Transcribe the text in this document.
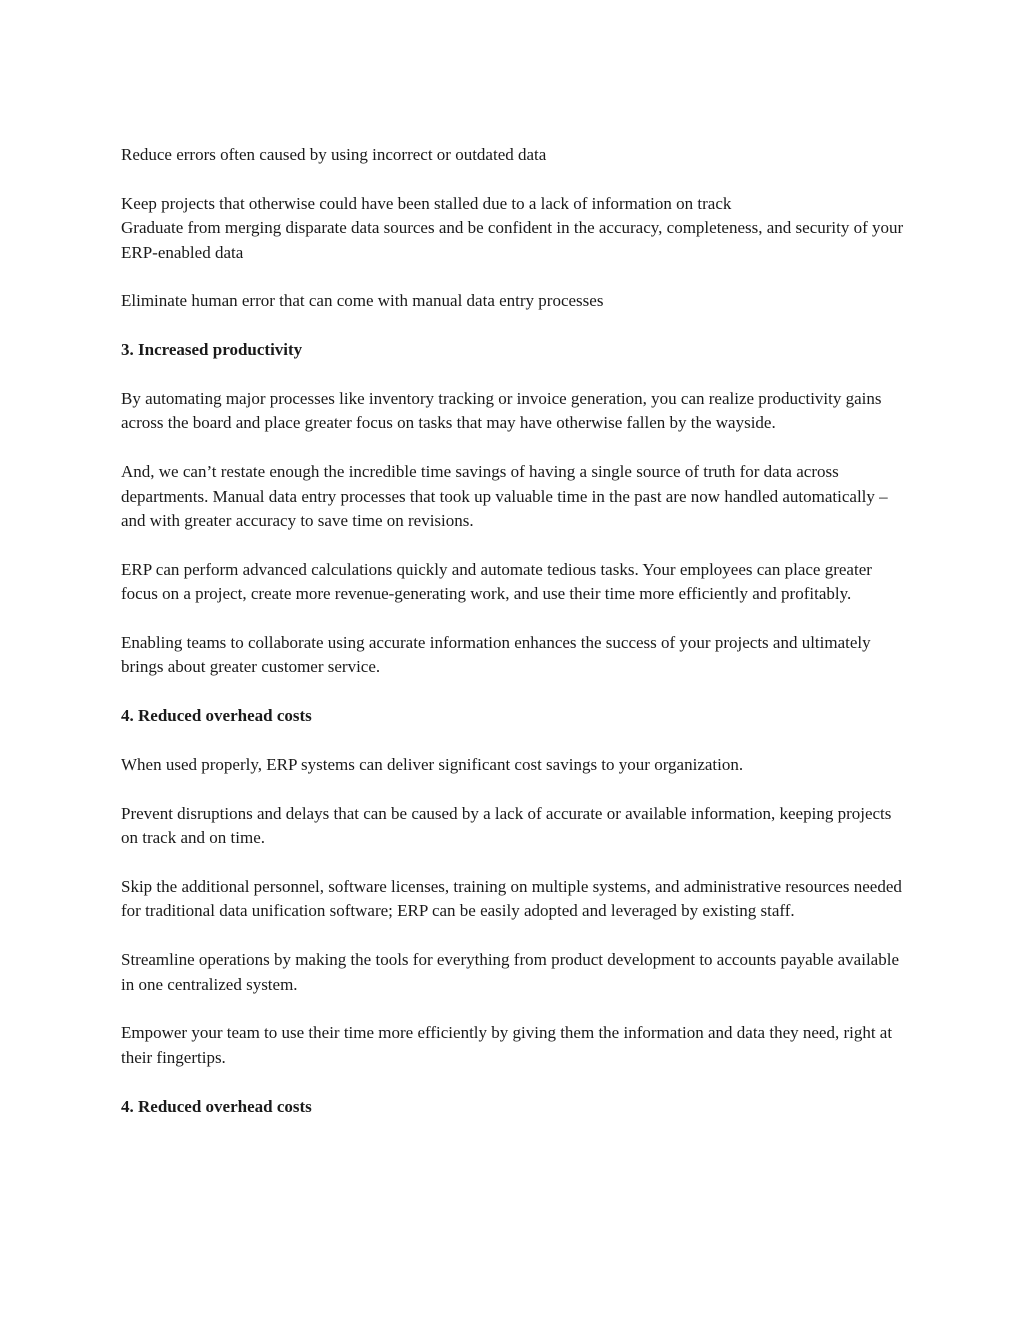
Reduce errors often caused by using incorrect or outdated data

Keep projects that otherwise could have been stalled due to a lack of information on track

Graduate from merging disparate data sources and be confident in the accuracy, completeness, and security of your ERP-enabled data

Eliminate human error that can come with manual data entry processes

3. Increased productivity

By automating major processes like inventory tracking or invoice generation, you can realize productivity gains across the board and place greater focus on tasks that may have otherwise fallen by the wayside.

And, we can’t restate enough the incredible time savings of having a single source of truth for data across departments. Manual data entry processes that took up valuable time in the past are now handled automatically – and with greater accuracy to save time on revisions.

ERP can perform advanced calculations quickly and automate tedious tasks. Your employees can place greater focus on a project, create more revenue-generating work, and use their time more efficiently and profitably.

Enabling teams to collaborate using accurate information enhances the success of your projects and ultimately brings about greater customer service.

4. Reduced overhead costs

When used properly, ERP systems can deliver significant cost savings to your organization.

Prevent disruptions and delays that can be caused by a lack of accurate or available information, keeping projects on track and on time.

Skip the additional personnel, software licenses, training on multiple systems, and administrative resources needed for traditional data unification software; ERP can be easily adopted and leveraged by existing staff.

Streamline operations by making the tools for everything from product development to accounts payable available in one centralized system.

Empower your team to use their time more efficiently by giving them the information and data they need, right at their fingertips.

4. Reduced overhead costs
